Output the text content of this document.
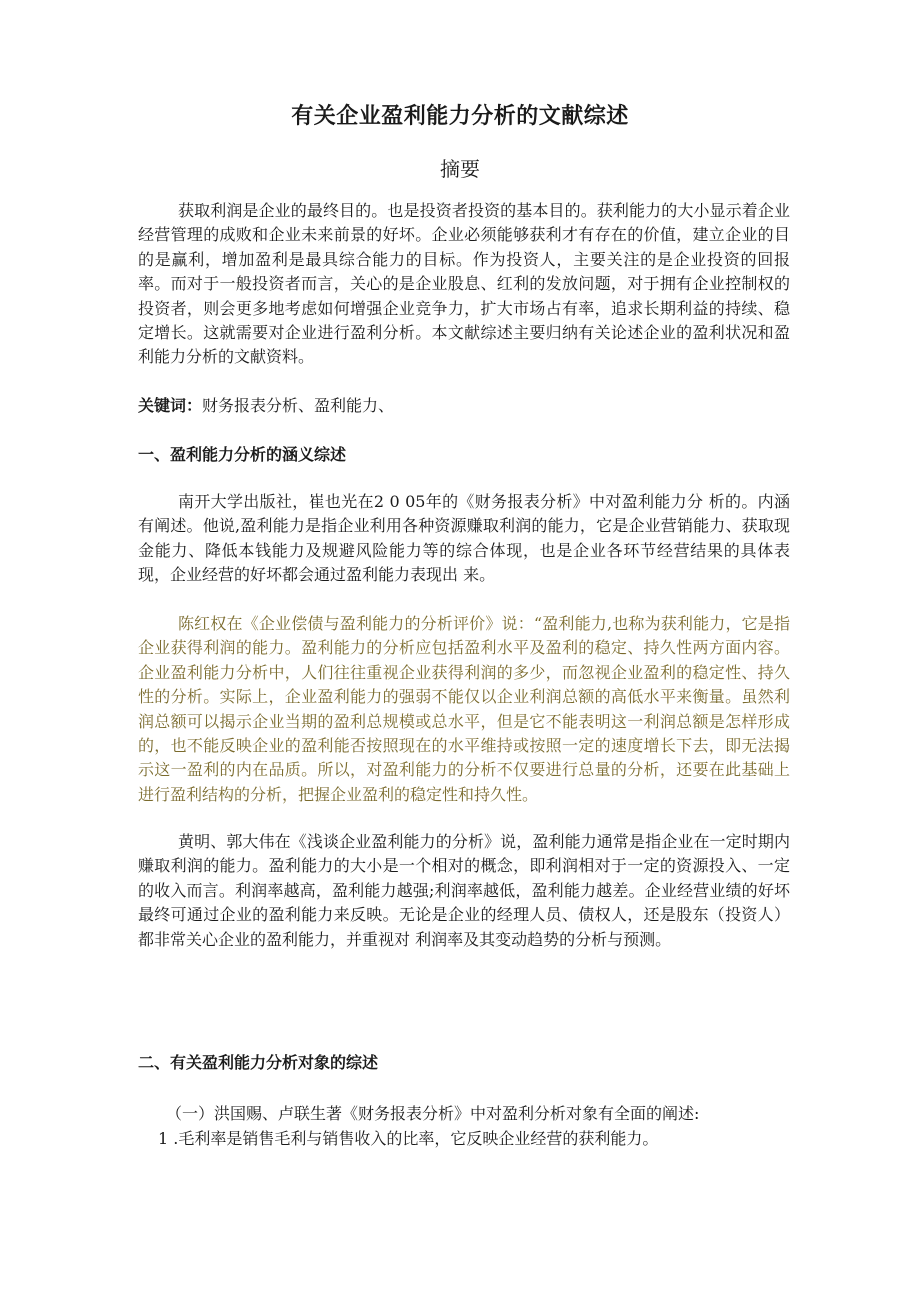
有关企业盈利能力分析的文献综述
摘要

获取利润是企业的最终目的。也是投资者投资的基本目的。获利能力的大小显示着企业经营管理的成败和企业未来前景的好坏。企业必须能够获利才有存在的价值，建立企业的目的是赢利，增加盈利是最具综合能力的目标。作为投资人，主要关注的是企业投资的回报率。而对于一般投资者而言，关心的是企业股息、红利的发放问题，对于拥有企业控制权的投资者，则会更多地考虑如何增强企业竞争力，扩大市场占有率，追求长期利益的持续、稳定增长。这就需要对企业进行盈利分析。本文献综述主要归纳有关论述企业的盈利状况和盈利能力分析的文献资料。

关键词：财务报表分析、盈利能力、
一、盈利能力分析的涵义综述

南开大学出版社，崔也光在2 0 05年的《财务报表分析》中对盈利能力分 析的。内涵有阐述。他说,盈利能力是指企业利用各种资源赚取利润的能力，它是企业营销能力、获取现金能力、降低本钱能力及规避风险能力等的综合体现，也是企业各环节经营结果的具体表现，企业经营的好坏都会通过盈利能力表现出 来。

陈红权在《企业偿债与盈利能力的分析评价》说：“盈利能力,也称为获利能力，它是指企业获得利润的能力。盈利能力的分析应包括盈利水平及盈利的稳定、持久性两方面内容。企业盈利能力分析中，人们往往重视企业获得利润的多少，而忽视企业盈利的稳定性、持久性的分析。实际上，企业盈利能力的强弱不能仅以企业利润总额的高低水平来衡量。虽然利润总额可以揭示企业当期的盈利总规模或总水平，但是它不能表明这一利润总额是怎样形成的，也不能反映企业的盈利能否按照现在的水平维持或按照一定的速度增长下去，即无法揭示这一盈利的内在品质。所以，对盈利能力的分析不仅要进行总量的分析，还要在此基础上进行盈利结构的分析，把握企业盈利的稳定性和持久性。

黄明、郭大伟在《浅谈企业盈利能力的分析》说，盈利能力通常是指企业在一定时期内赚取利润的能力。盈利能力的大小是一个相对的概念，即利润相对于一定的资源投入、一定的收入而言。利润率越高，盈利能力越强;利润率越低，盈利能力越差。企业经营业绩的好坏最终可通过企业的盈利能力来反映。无论是企业的经理人员、债权人，还是股东（投资人）都非常关心企业的盈利能力，并重视对 利润率及其变动趋势的分析与预测。

二、有关盈利能力分析对象的综述

（一）洪国赐、卢联生著《财务报表分析》中对盈利分析对象有全面的阐述:

1 .毛利率是销售毛利与销售收入的比率，它反映企业经营的获利能力。
